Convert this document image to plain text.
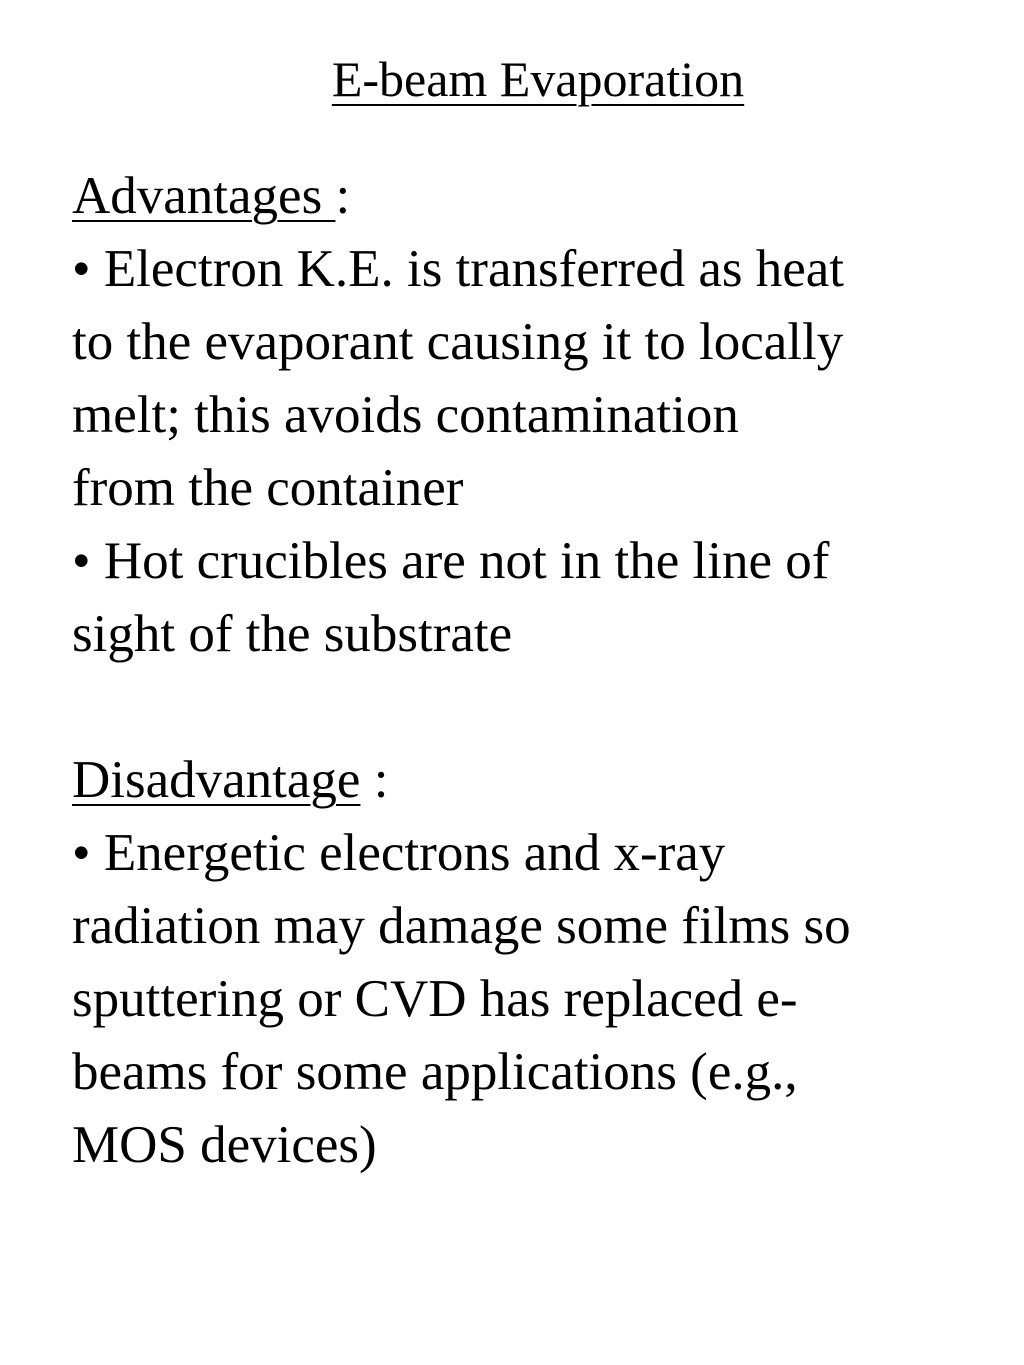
E-beam Evaporation
Advantages :
• Electron K.E. is transferred as heat
to the evaporant causing it to locally
melt; this avoids contamination
from the container
• Hot crucibles are not in the line of
sight of the substrate
Disadvantage :
• Energetic electrons and x-ray
radiation may damage some films so
sputtering or CVD has replaced e-
beams for some applications (e.g.,
MOS devices)
